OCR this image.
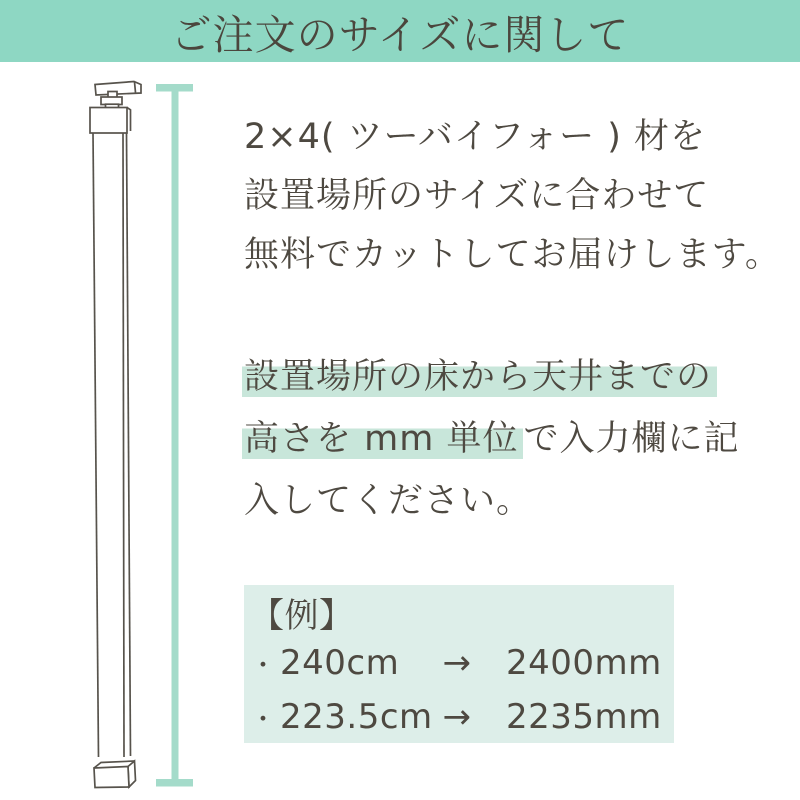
ご注文のサイズに関して

2×4( ツーバイフォー ) 材を
設置場所のサイズに合わせて
無料でカットしてお届けします。

設置場所の床から天井までの
高さを mm 単位 で入力欄に記
入してください。

【例】
・ 240cm	→	2400mm
・ 223.5cm →	2235mm
